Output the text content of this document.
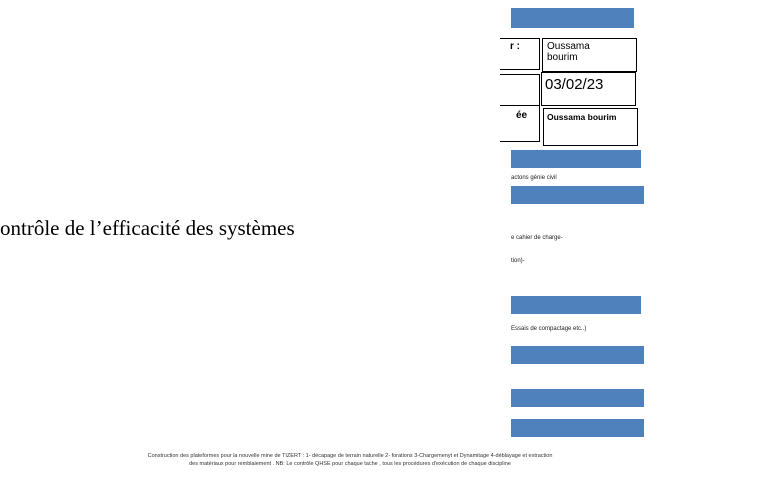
r :	Oussama bourim
03/02/23
ée Oussama bourim
actons génie civil
ontrôle de l’efficacité des systèmes	e cahier de charge-
tion)-
Essais de compactage etc..)
Construction des plateformes pour la nouvelle mine de TIZERT : 1- décapage de terrain naturelle 2- forations 3-Chargemenyt et Dynamitage 4-déblayage et extraction
des matériaux pour remblaiement . NB: Le contrôle QHSE pour chaque tache , tous les procédures d'exécution de chaque discipline
